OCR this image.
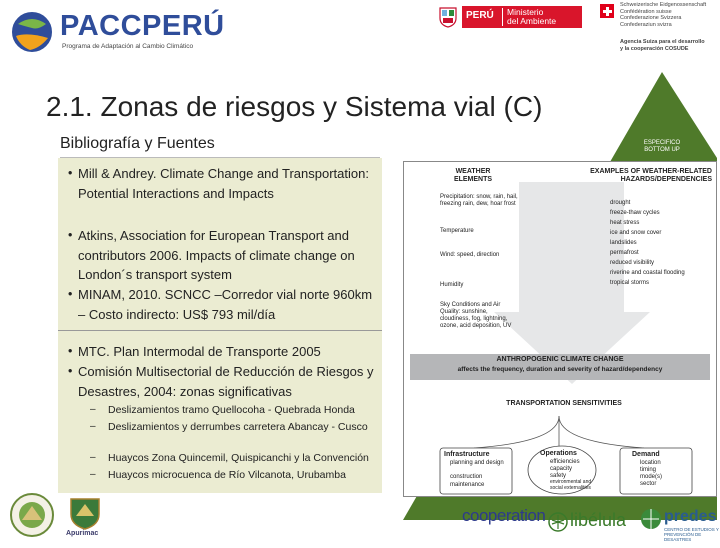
PACCPERÚ
Programa de Adaptación al Cambio Climático
PERÚ Ministerio
del Ambiente
Schweizerische Eidgenossenschaft
Confédération suisse
Confederazione Svizzera
Confederaziun svizra
Agencia Suiza para el desarrollo
y la cooperación COSUDE
ESPECIFICO BOTTOM UP
2.1. Zonas de riesgos y Sistema vial (C)
Bibliografía y Fuentes
• Mill & Andrey. Climate Change and Transportation: Potential Interactions and Impacts
• Atkins, Association for European Transport and contributors 2006. Impacts of climate change on London´s transport system
• MINAM, 2010. SCNCC –Corredor vial norte 960km – Costo indirecto: US$ 793 mil/día
• MTC. Plan Intermodal de Transporte 2005
• Comisión Multisectorial de Reducción de Riesgos y Desastres, 2004: zonas significativas
– Deslizamientos tramo Quellocoha - Quebrada Honda
– Deslizamientos y derrumbes carretera Abancay - Cusco
– Huaycos Zona Quincemil, Quispicanchi y la Convención
– Huaycos microcuenca de Río Vilcanota, Urubamba
WEATHER ELEMENTS
EXAMPLES OF WEATHER-RELATED HAZARDS/DEPENDENCIES
Precipitation: snow, rain, hail, freezing rain, dew, hoar frost
Temperature
Wind: speed, direction
Humidity
Sky Conditions and Air Quality: sunshine, cloudiness, fog, lightning, ozone, acid deposition, UV
drought
freeze-thaw cycles
heat stress
ice and snow cover
landslides
permafrost
reduced visibility
riverine and coastal flooding
tropical storms
ANTHROPOGENIC CLIMATE CHANGE
affects the frequency, duration and severity of hazard/dependency
TRANSPORTATION SENSITIVITIES
Infrastructure
planning and design
construction
maintenance
Operations
efficiencies
capacity
safety
environmental and social externalities
Demand
location
timing
mode(s)
sector
Apurimac
cooperation libélula predes
CENTRO DE ESTUDIOS Y PREVENCIÓN DE DESASTRES
